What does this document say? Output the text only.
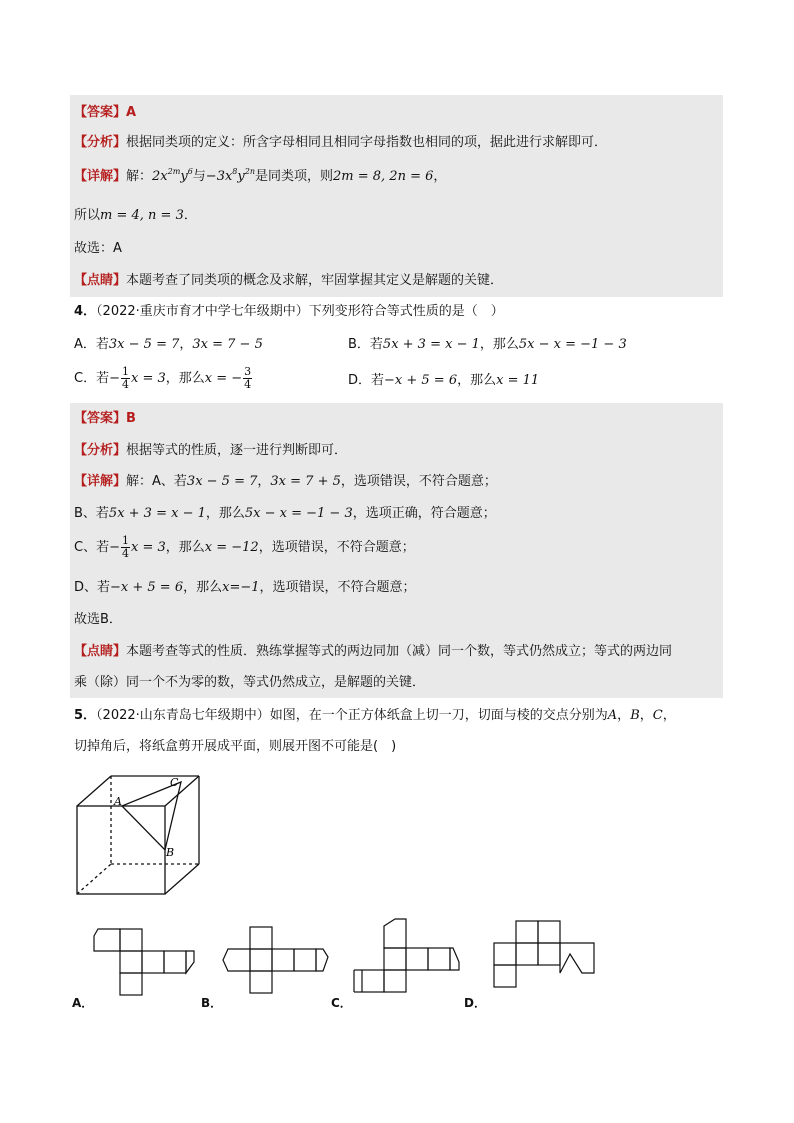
【答案】A
【分析】根据同类项的定义：所含字母相同且相同字母指数也相同的项，据此进行求解即可．
【详解】解：$2x^{2m}y^6$与$-3x^8y^{2n}$是同类项，则2m = 8, 2n = 6，
所以m = 4, n = 3．
故选：A
【点睛】本题考查了同类项的概念及求解，牢固掌握其定义是解题的关键．
4．（2022·重庆市育才中学七年级期中）下列变形符合等式性质的是（　）
A．若3x − 5 = 7，3x = 7 − 5	B．若5x + 3 = x − 1，那么5x − x = −1 − 3
C．若− $\frac{1}{4}$ x = 3，那么x = − $\frac{3}{4}$	D．若−x + 5 = 6，那么x = 11
【答案】B
【分析】根据等式的性质，逐一进行判断即可．
【详解】解：A、若3x − 5 = 7，3x = 7 + 5，选项错误，不符合题意；
B、若5x + 3 = x − 1，那么5x − x = −1 − 3，选项正确，符合题意；
C、若− $\frac{1}{4}$ x = 3，那么x = −12，选项错误，不符合题意；
D、若−x + 5 = 6，那么x=−1，选项错误，不符合题意；
故选B．
【点睛】本题考查等式的性质．熟练掌握等式的两边同加（减）同一个数，等式仍然成立；等式的两边同
乘（除）同一个不为零的数，等式仍然成立，是解题的关键．
5．（2022·山东青岛七年级期中）如图，在一个正方体纸盒上切一刀，切面与棱的交点分别为A，B，C，
切掉角后，将纸盒剪开展成平面，则展开图不可能是(　)
A
C
B
A．	B．	C．	D．
